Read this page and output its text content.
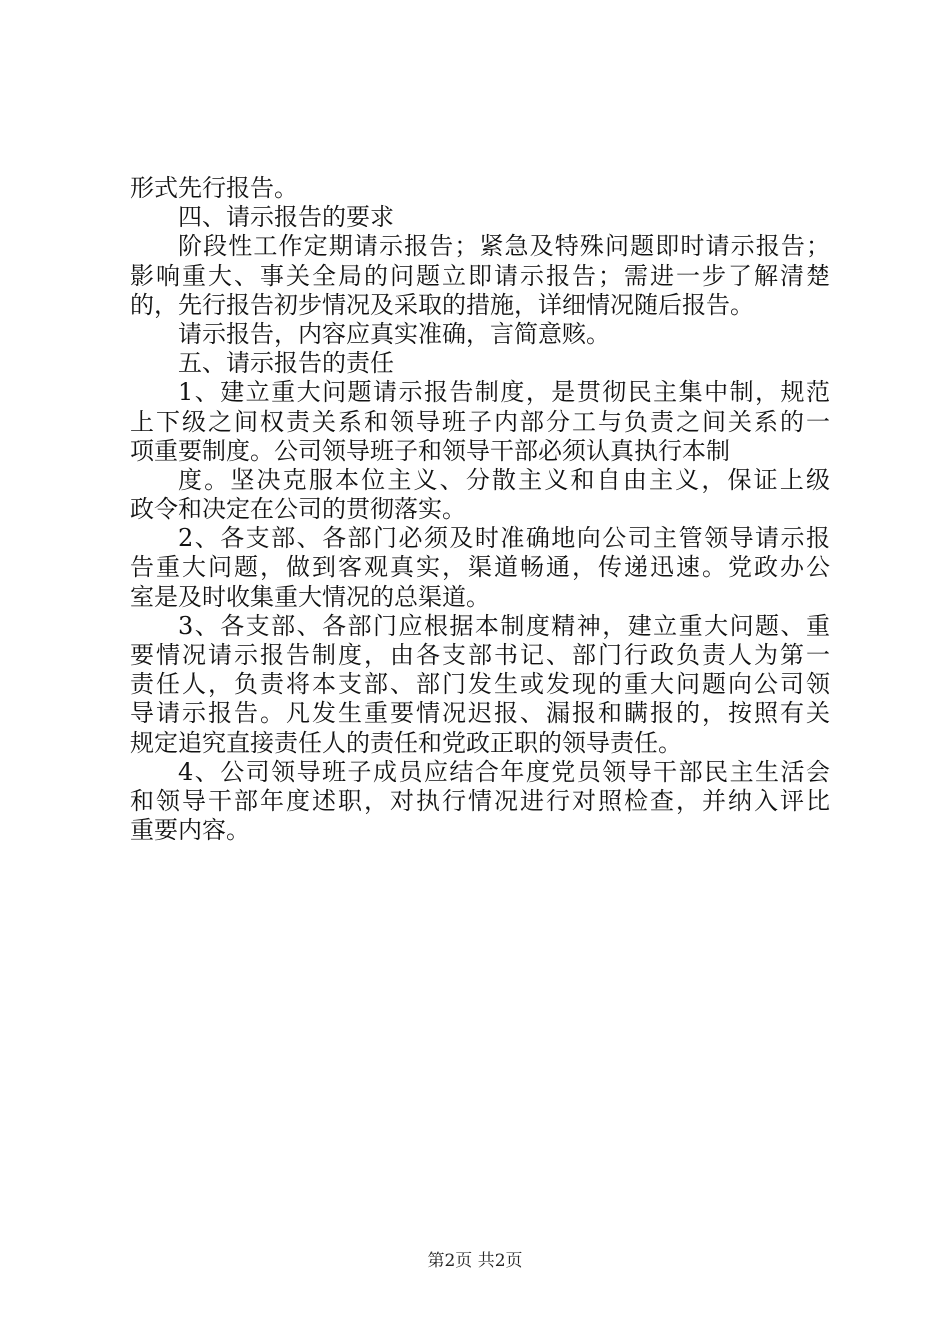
形式先行报告。
四、请示报告的要求
阶段性工作定期请示报告；紧急及特殊问题即时请示报告；
影响重大、事关全局的问题立即请示报告；需进一步了解清楚
的，先行报告初步情况及采取的措施，详细情况随后报告。
请示报告，内容应真实准确，言简意赅。
五、请示报告的责任
1、建立重大问题请示报告制度，是贯彻民主集中制，规范
上下级之间权责关系和领导班子内部分工与负责之间关系的一
项重要制度。公司领导班子和领导干部必须认真执行本制
度。坚决克服本位主义、分散主义和自由主义，保证上级
政令和决定在公司的贯彻落实。
2、各支部、各部门必须及时准确地向公司主管领导请示报
告重大问题，做到客观真实，渠道畅通，传递迅速。党政办公
室是及时收集重大情况的总渠道。
3、各支部、各部门应根据本制度精神，建立重大问题、重
要情况请示报告制度，由各支部书记、部门行政负责人为第一
责任人，负责将本支部、部门发生或发现的重大问题向公司领
导请示报告。凡发生重要情况迟报、漏报和瞒报的，按照有关
规定追究直接责任人的责任和党政正职的领导责任。
4、公司领导班子成员应结合年度党员领导干部民主生活会
和领导干部年度述职，对执行情况进行对照检查，并纳入评比
重要内容。
第2页 共2页
